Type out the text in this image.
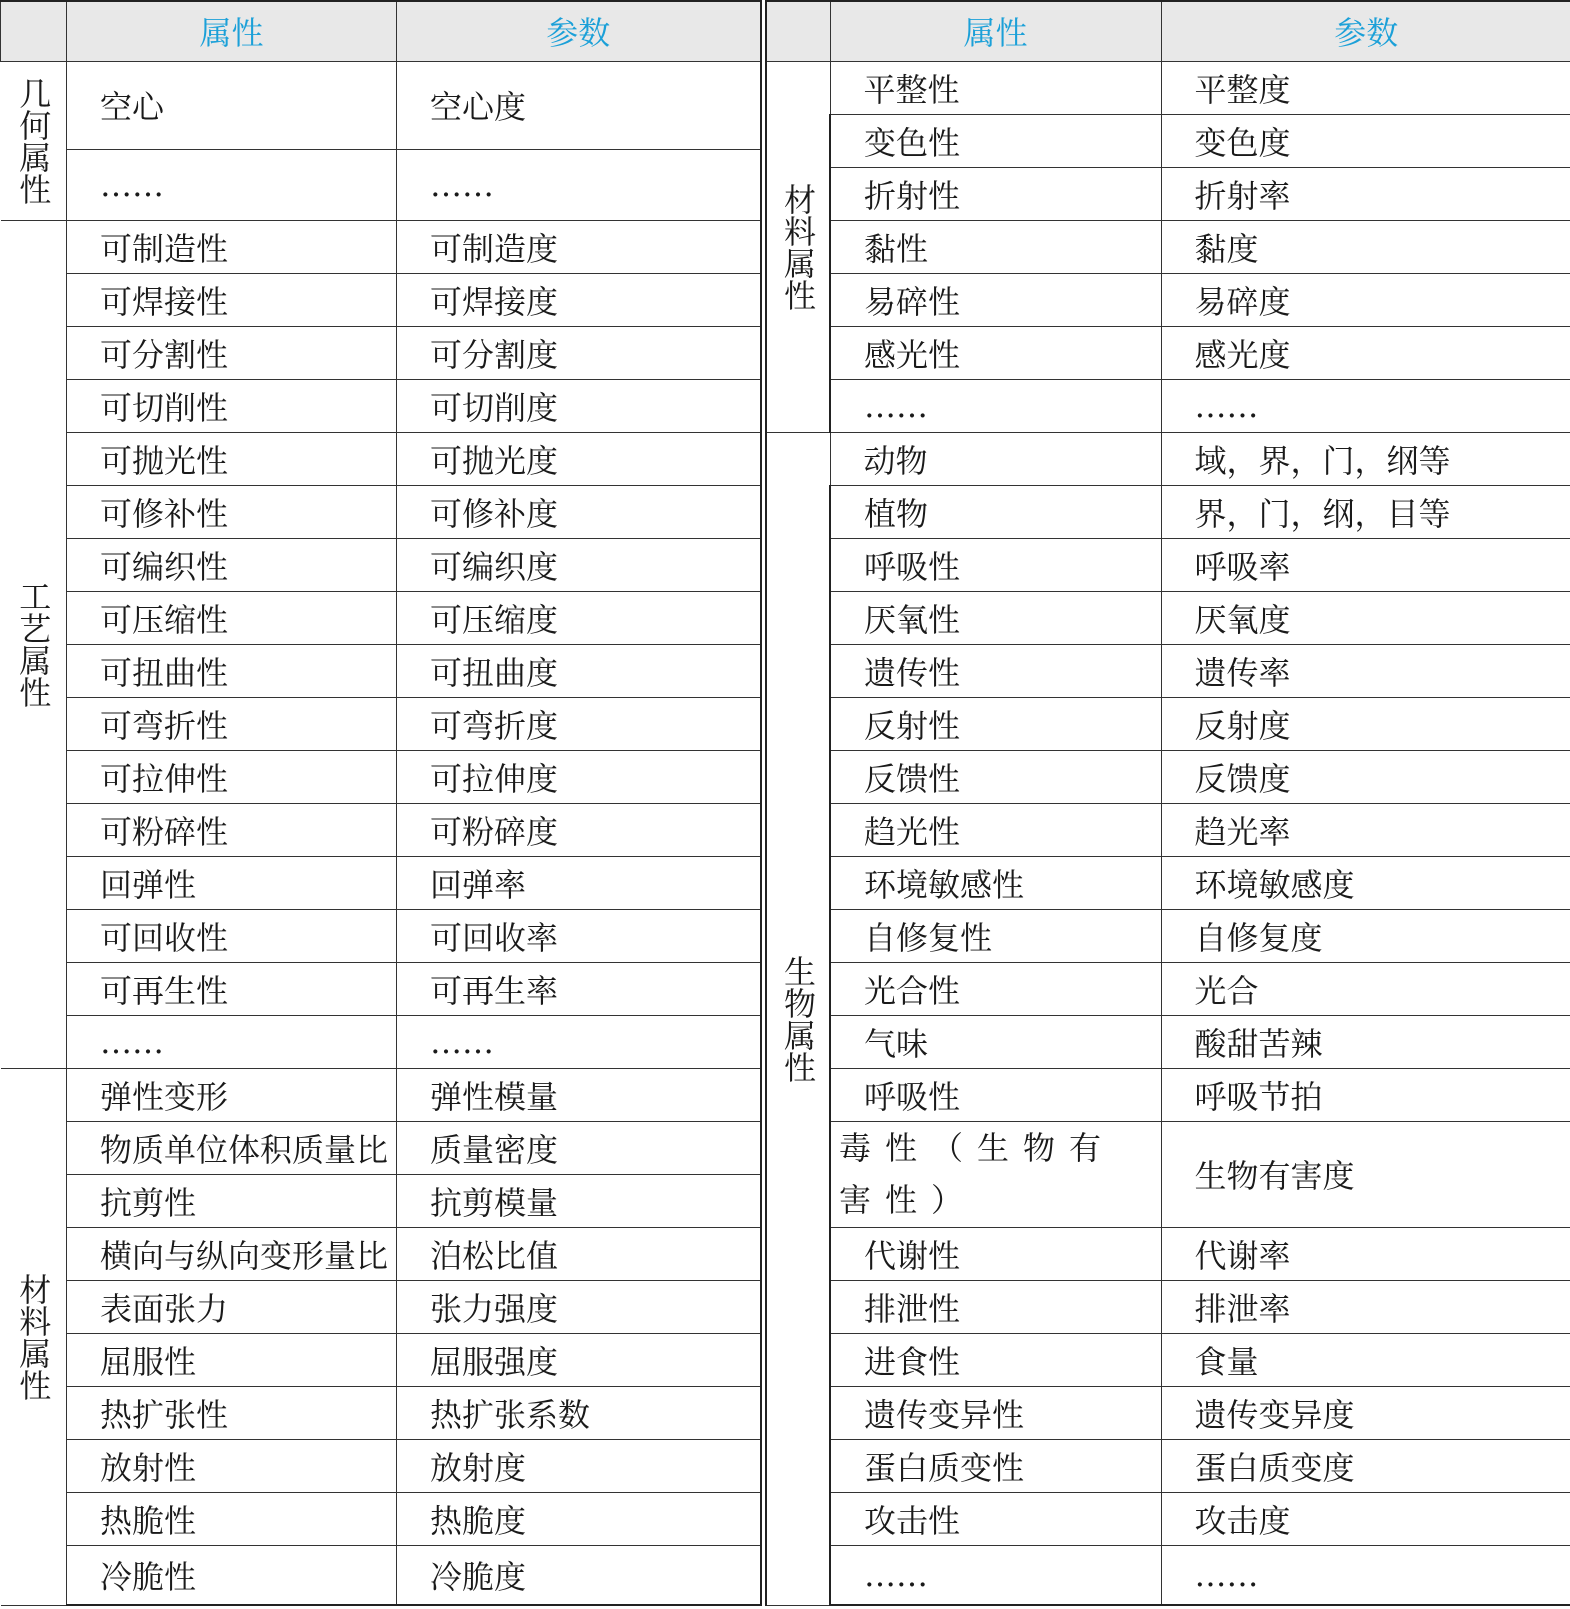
	属性	参数
几何属性	空心	空心度
	……	……
工艺属性	可制造性	可制造度
	可焊接性	可焊接度
	可分割性	可分割度
	可切削性	可切削度
	可抛光性	可抛光度
	可修补性	可修补度
	可编织性	可编织度
	可压缩性	可压缩度
	可扭曲性	可扭曲度
	可弯折性	可弯折度
	可拉伸性	可拉伸度
	可粉碎性	可粉碎度
	回弹性	回弹率
	可回收性	可回收率
	可再生性	可再生率
	……	……
材料属性	弹性变形	弹性模量
	物质单位体积质量比	质量密度
	抗剪性	抗剪模量
	横向与纵向变形量比	泊松比值
	表面张力	张力强度
	屈服性	屈服强度
	热扩张性	热扩张系数
	放射性	放射度
	热脆性	热脆度
	冷脆性	冷脆度
	属性	参数
材料属性	平整性	平整度
	变色性	变色度
	折射性	折射率
	黏性	黏度
	易碎性	易碎度
	感光性	感光度
	……	……
生物属性	动物	域，界，门，纲等
	植物	界，门，纲，目等
	呼吸性	呼吸率
	厌氧性	厌氧度
	遗传性	遗传率
	反射性	反射度
	反馈性	反馈度
	趋光性	趋光率
	环境敏感性	环境敏感度
	自修复性	自修复度
	光合性	光合
	气味	酸甜苦辣
	呼吸性	呼吸节拍
	毒性（生物有害性）	生物有害度
	代谢性	代谢率
	排泄性	排泄率
	进食性	食量
	遗传变异性	遗传变异度
	蛋白质变性	蛋白质变度
	攻击性	攻击度
	……	……
